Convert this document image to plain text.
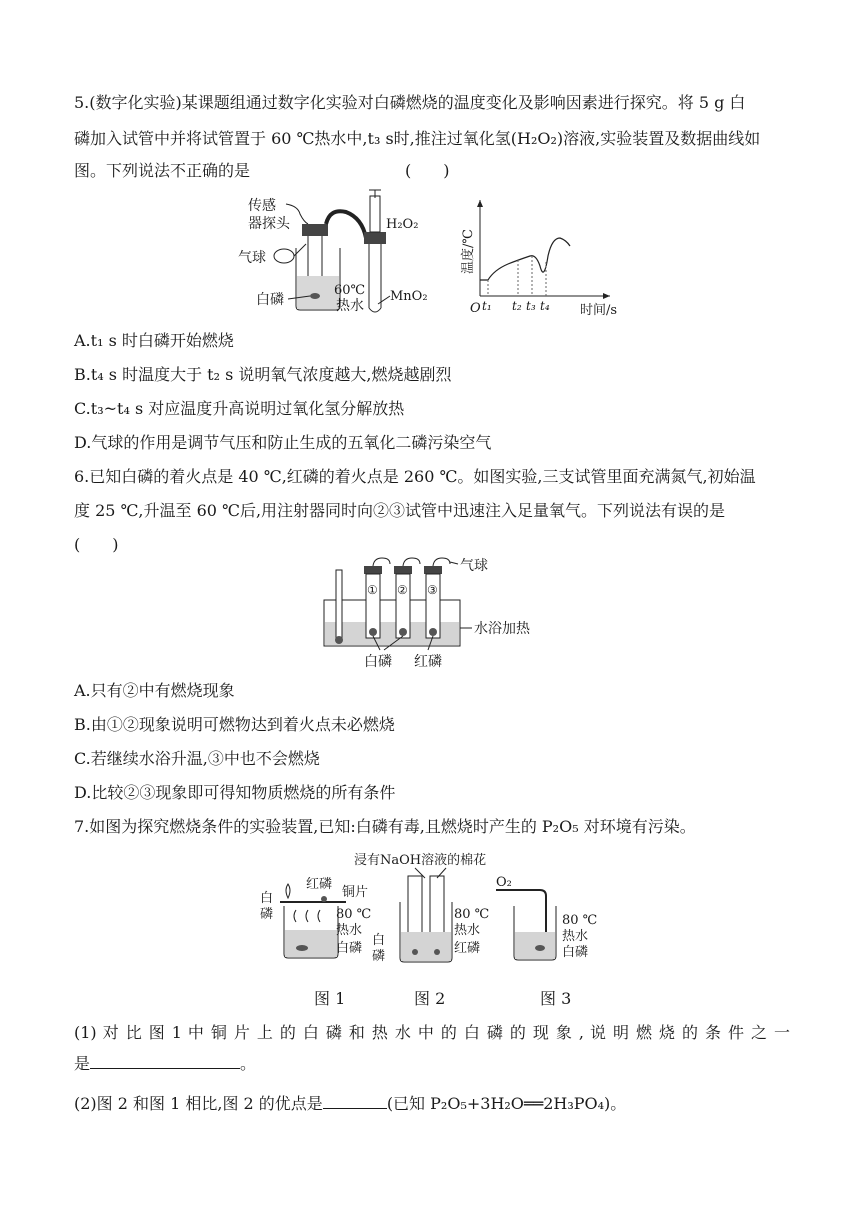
5.(数字化实验)某课题组通过数字化实验对白磷燃烧的温度变化及影响因素进行探究。将 5 g 白
磷加入试管中并将试管置于 60 ℃热水中,t₃ s时,推注过氧化氢(H₂O₂)溶液,实验装置及数据曲线如
图。下列说法不正确的是	(　　)
传感
器探头
气球
白磷
H₂O₂
60℃
热水
MnO₂
温度/℃
O t₁ t₂ t₃ t₄ 时间/s
A.t₁ s 时白磷开始燃烧
B.t₄ s 时温度大于 t₂ s 说明氧气浓度越大,燃烧越剧烈
C.t₃~t₄ s 对应温度升高说明过氧化氢分解放热
D.气球的作用是调节气压和防止生成的五氧化二磷污染空气
6.已知白磷的着火点是 40 ℃,红磷的着火点是 260 ℃。如图实验,三支试管里面充满氮气,初始温
度 25 ℃,升温至 60 ℃后,用注射器同时向②③试管中迅速注入足量氧气。下列说法有误的是
(　　)
水浴加热
① ② ③
气球
白磷 红磷
A.只有②中有燃烧现象
B.由①②现象说明可燃物达到着火点未必燃烧
C.若继续水浴升温,③中也不会燃烧
D.比较②③现象即可得知物质燃烧的所有条件
7.如图为探究燃烧条件的实验装置,已知:白磷有毒,且燃烧时产生的 P₂O₅ 对环境有污染。
白
磷
红磷
铜片
80 ℃
热水
白磷
浸有NaOH溶液的棉花
80 ℃
热水
红磷
白
磷
O₂
80 ℃
热水
白磷
图 1	图 2	图 3
(1) 对 比 图 1 中 铜 片 上 的 白 磷 和 热 水 中 的 白 磷 的 现 象 , 说 明 燃 烧 的 条 件 之 一
是	。
(2)图 2 和图 1 相比,图 2 的优点是	(已知 P₂O₅+3H₂O══2H₃PO₄)。
